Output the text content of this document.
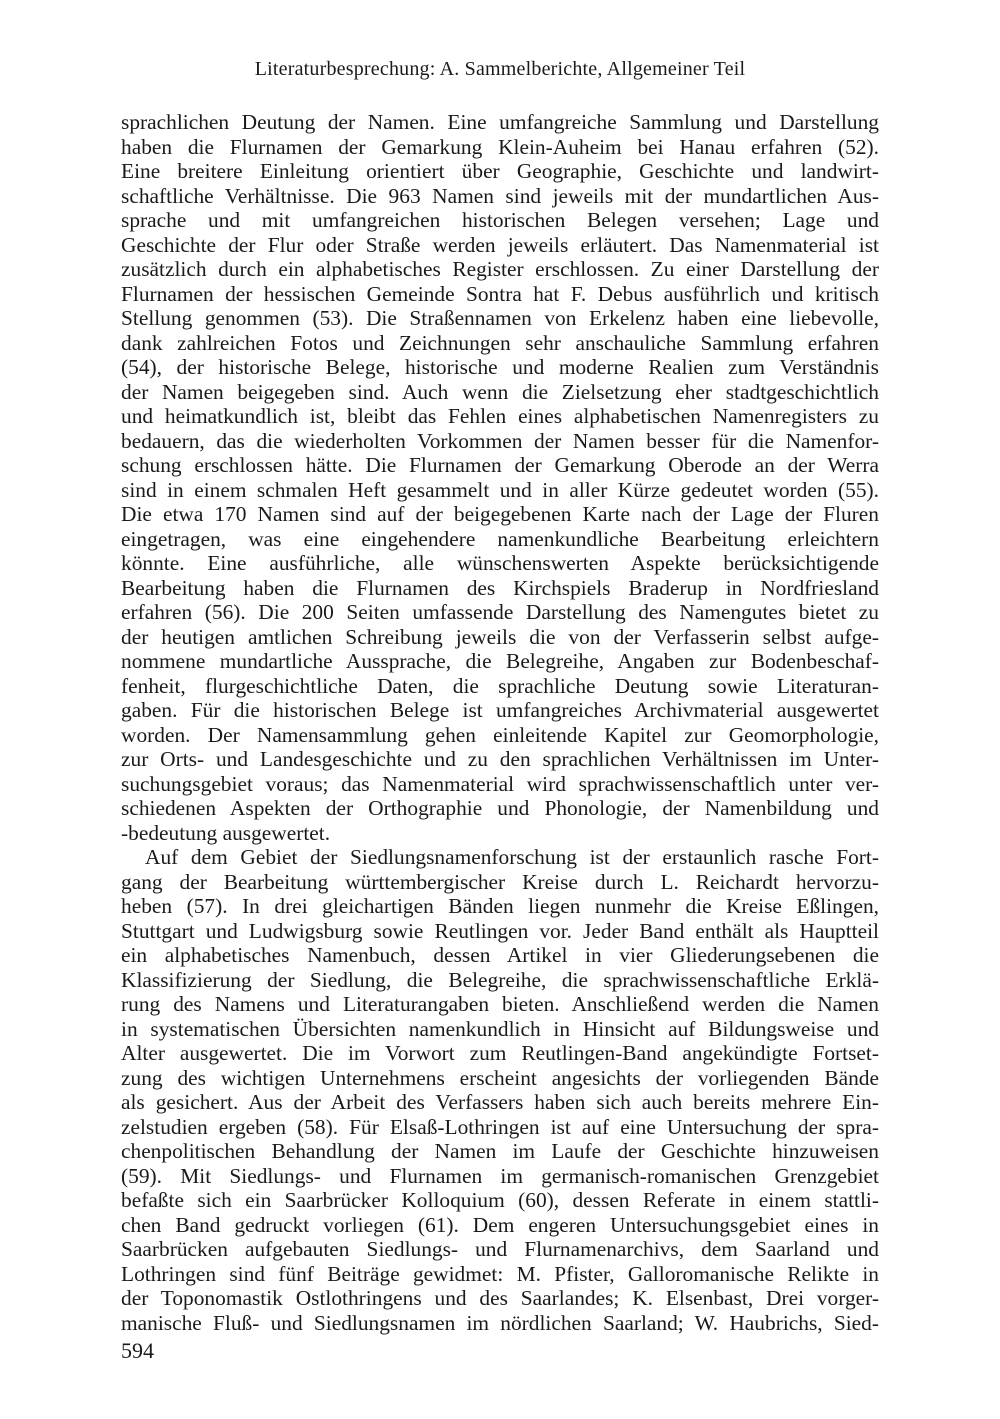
Literaturbesprechung: A. Sammelberichte, Allgemeiner Teil
sprachlichen Deutung der Namen. Eine umfangreiche Sammlung und Darstellung
haben die Flurnamen der Gemarkung Klein-Auheim bei Hanau erfahren (52).
Eine breitere Einleitung orientiert über Geographie, Geschichte und landwirt-
schaftliche Verhältnisse. Die 963 Namen sind jeweils mit der mundartlichen Aus-
sprache und mit umfangreichen historischen Belegen versehen; Lage und
Geschichte der Flur oder Straße werden jeweils erläutert. Das Namenmaterial ist
zusätzlich durch ein alphabetisches Register erschlossen. Zu einer Darstellung der
Flurnamen der hessischen Gemeinde Sontra hat F. Debus ausführlich und kritisch
Stellung genommen (53). Die Straßennamen von Erkelenz haben eine liebevolle,
dank zahlreichen Fotos und Zeichnungen sehr anschauliche Sammlung erfahren
(54), der historische Belege, historische und moderne Realien zum Verständnis
der Namen beigegeben sind. Auch wenn die Zielsetzung eher stadtgeschichtlich
und heimatkundlich ist, bleibt das Fehlen eines alphabetischen Namenregisters zu
bedauern, das die wiederholten Vorkommen der Namen besser für die Namenfor-
schung erschlossen hätte. Die Flurnamen der Gemarkung Oberode an der Werra
sind in einem schmalen Heft gesammelt und in aller Kürze gedeutet worden (55).
Die etwa 170 Namen sind auf der beigegebenen Karte nach der Lage der Fluren
eingetragen, was eine eingehendere namenkundliche Bearbeitung erleichtern
könnte. Eine ausführliche, alle wünschenswerten Aspekte berücksichtigende
Bearbeitung haben die Flurnamen des Kirchspiels Braderup in Nordfriesland
erfahren (56). Die 200 Seiten umfassende Darstellung des Namengutes bietet zu
der heutigen amtlichen Schreibung jeweils die von der Verfasserin selbst aufge-
nommene mundartliche Aussprache, die Belegreihe, Angaben zur Bodenbeschaf-
fenheit, flurgeschichtliche Daten, die sprachliche Deutung sowie Literaturan-
gaben. Für die historischen Belege ist umfangreiches Archivmaterial ausgewertet
worden. Der Namensammlung gehen einleitende Kapitel zur Geomorphologie,
zur Orts- und Landesgeschichte und zu den sprachlichen Verhältnissen im Unter-
suchungsgebiet voraus; das Namenmaterial wird sprachwissenschaftlich unter ver-
schiedenen Aspekten der Orthographie und Phonologie, der Namenbildung und
-bedeutung ausgewertet.
Auf dem Gebiet der Siedlungsnamenforschung ist der erstaunlich rasche Fort-
gang der Bearbeitung württembergischer Kreise durch L. Reichardt hervorzu-
heben (57). In drei gleichartigen Bänden liegen nunmehr die Kreise Eßlingen,
Stuttgart und Ludwigsburg sowie Reutlingen vor. Jeder Band enthält als Hauptteil
ein alphabetisches Namenbuch, dessen Artikel in vier Gliederungsebenen die
Klassifizierung der Siedlung, die Belegreihe, die sprachwissenschaftliche Erklä-
rung des Namens und Literaturangaben bieten. Anschließend werden die Namen
in systematischen Übersichten namenkundlich in Hinsicht auf Bildungsweise und
Alter ausgewertet. Die im Vorwort zum Reutlingen-Band angekündigte Fortset-
zung des wichtigen Unternehmens erscheint angesichts der vorliegenden Bände
als gesichert. Aus der Arbeit des Verfassers haben sich auch bereits mehrere Ein-
zelstudien ergeben (58). Für Elsaß-Lothringen ist auf eine Untersuchung der spra-
chenpolitischen Behandlung der Namen im Laufe der Geschichte hinzuweisen
(59). Mit Siedlungs- und Flurnamen im germanisch-romanischen Grenzgebiet
befaßte sich ein Saarbrücker Kolloquium (60), dessen Referate in einem stattli-
chen Band gedruckt vorliegen (61). Dem engeren Untersuchungsgebiet eines in
Saarbrücken aufgebauten Siedlungs- und Flurnamenarchivs, dem Saarland und
Lothringen sind fünf Beiträge gewidmet: M. Pfister, Galloromanische Relikte in
der Toponomastik Ostlothringens und des Saarlandes; K. Elsenbast, Drei vorger-
manische Fluß- und Siedlungsnamen im nördlichen Saarland; W. Haubrichs, Sied-
594
